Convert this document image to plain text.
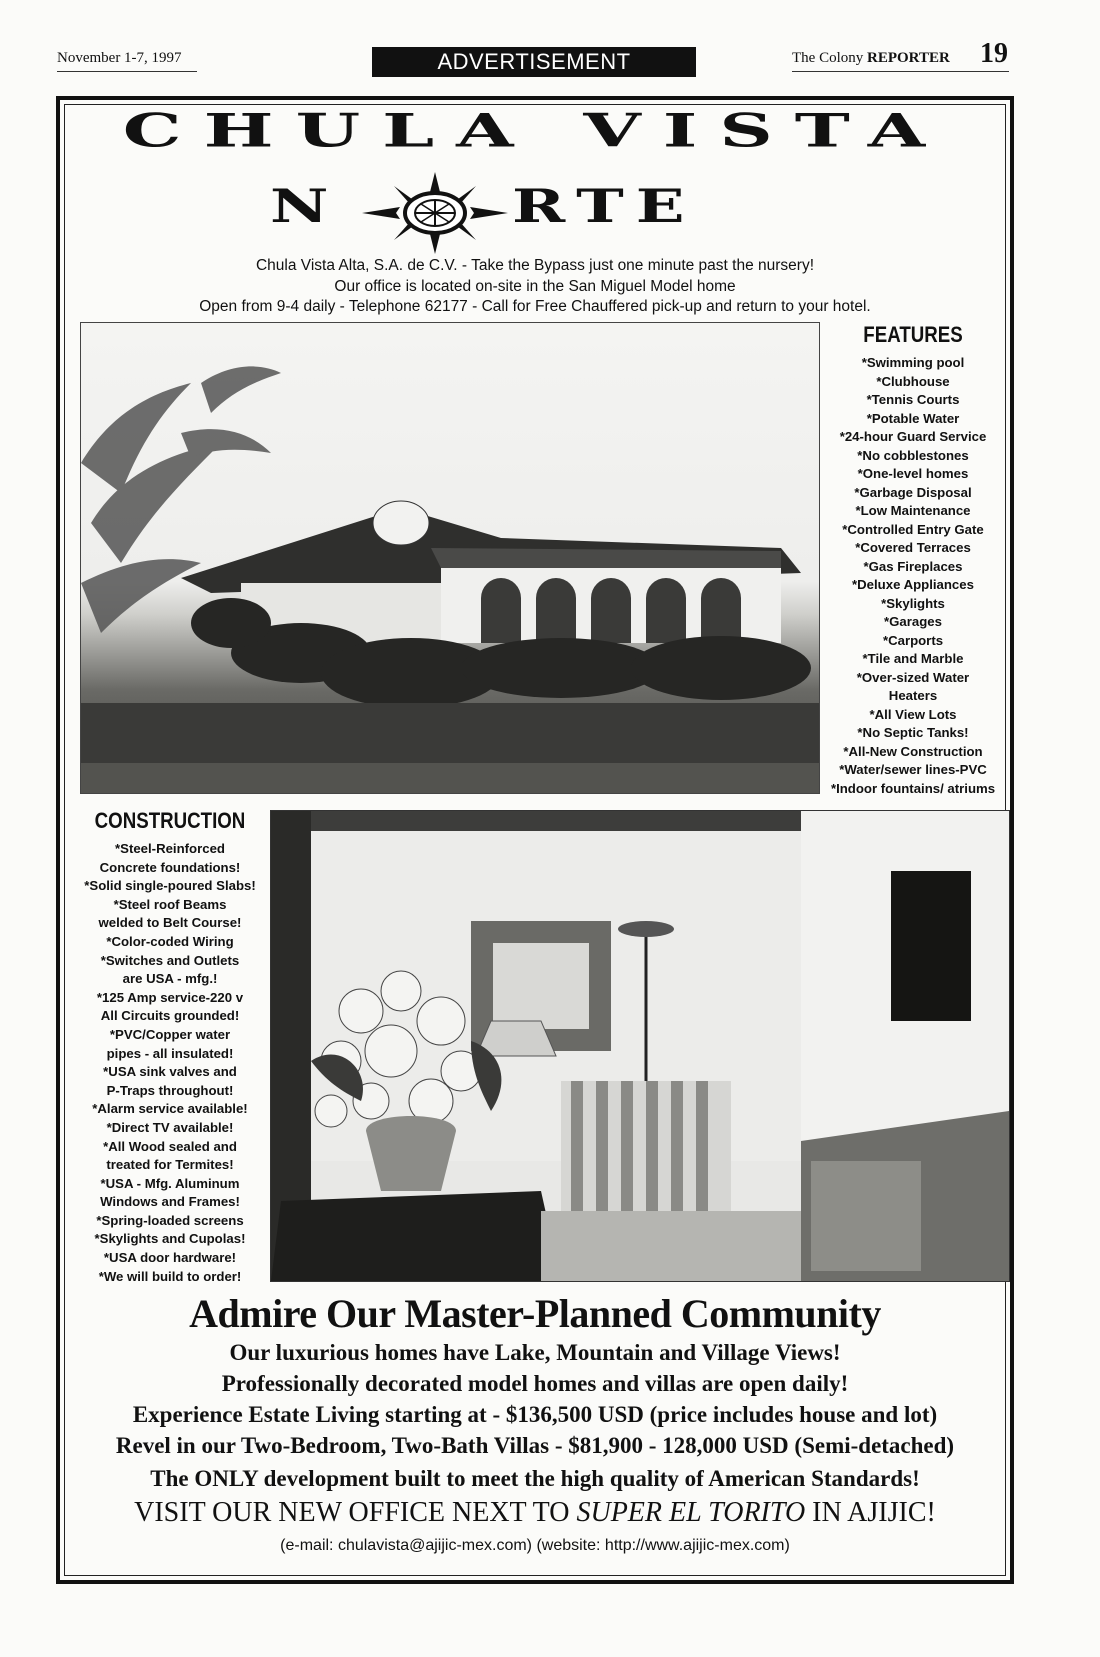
November 1-7, 1997	ADVERTISEMENT	The Colony REPORTER 19
CHULA VISTA
N	RTE
Chula Vista Alta, S.A. de C.V. - Take the Bypass just one minute past the nursery!
Our office is located on-site in the San Miguel Model home
Open from 9-4 daily - Telephone 62177 - Call for Free Chauffered pick-up and return to your hotel.
FEATURES
*Swimming pool
*Clubhouse
*Tennis Courts
*Potable Water
*24-hour Guard Service
*No cobblestones
*One-level homes
*Garbage Disposal
*Low Maintenance
*Controlled Entry Gate
*Covered Terraces
*Gas Fireplaces
*Deluxe Appliances
*Skylights
*Garages
*Carports
*Tile and Marble
*Over-sized Water
Heaters
*All View Lots
*No Septic Tanks!
*All-New Construction
*Water/sewer lines-PVC
*Indoor fountains/ atriums
CONSTRUCTION
*Steel-Reinforced
Concrete foundations!
*Solid single-poured Slabs!
*Steel roof Beams
welded to Belt Course!
*Color-coded Wiring
*Switches and Outlets
are USA - mfg.!
*125 Amp service-220 v
All Circuits grounded!
*PVC/Copper water
pipes - all insulated!
*USA sink valves and
P-Traps throughout!
*Alarm service available!
*Direct TV available!
*All Wood sealed and
treated for Termites!
*USA - Mfg. Aluminum
Windows and Frames!
*Spring-loaded screens
*Skylights and Cupolas!
*USA door hardware!
*We will build to order!
Admire Our Master-Planned Community
Our luxurious homes have Lake, Mountain and Village Views!
Professionally decorated model homes and villas are open daily!
Experience Estate Living starting at - $136,500 USD (price includes house and lot)
Revel in our Two-Bedroom, Two-Bath Villas - $81,900 - 128,000 USD (Semi-detached)
The ONLY development built to meet the high quality of American Standards!
VISIT OUR NEW OFFICE NEXT TO SUPER EL TORITO IN AJIJIC!
(e-mail: chulavista@ajijic-mex.com) (website: http://www.ajijic-mex.com)
